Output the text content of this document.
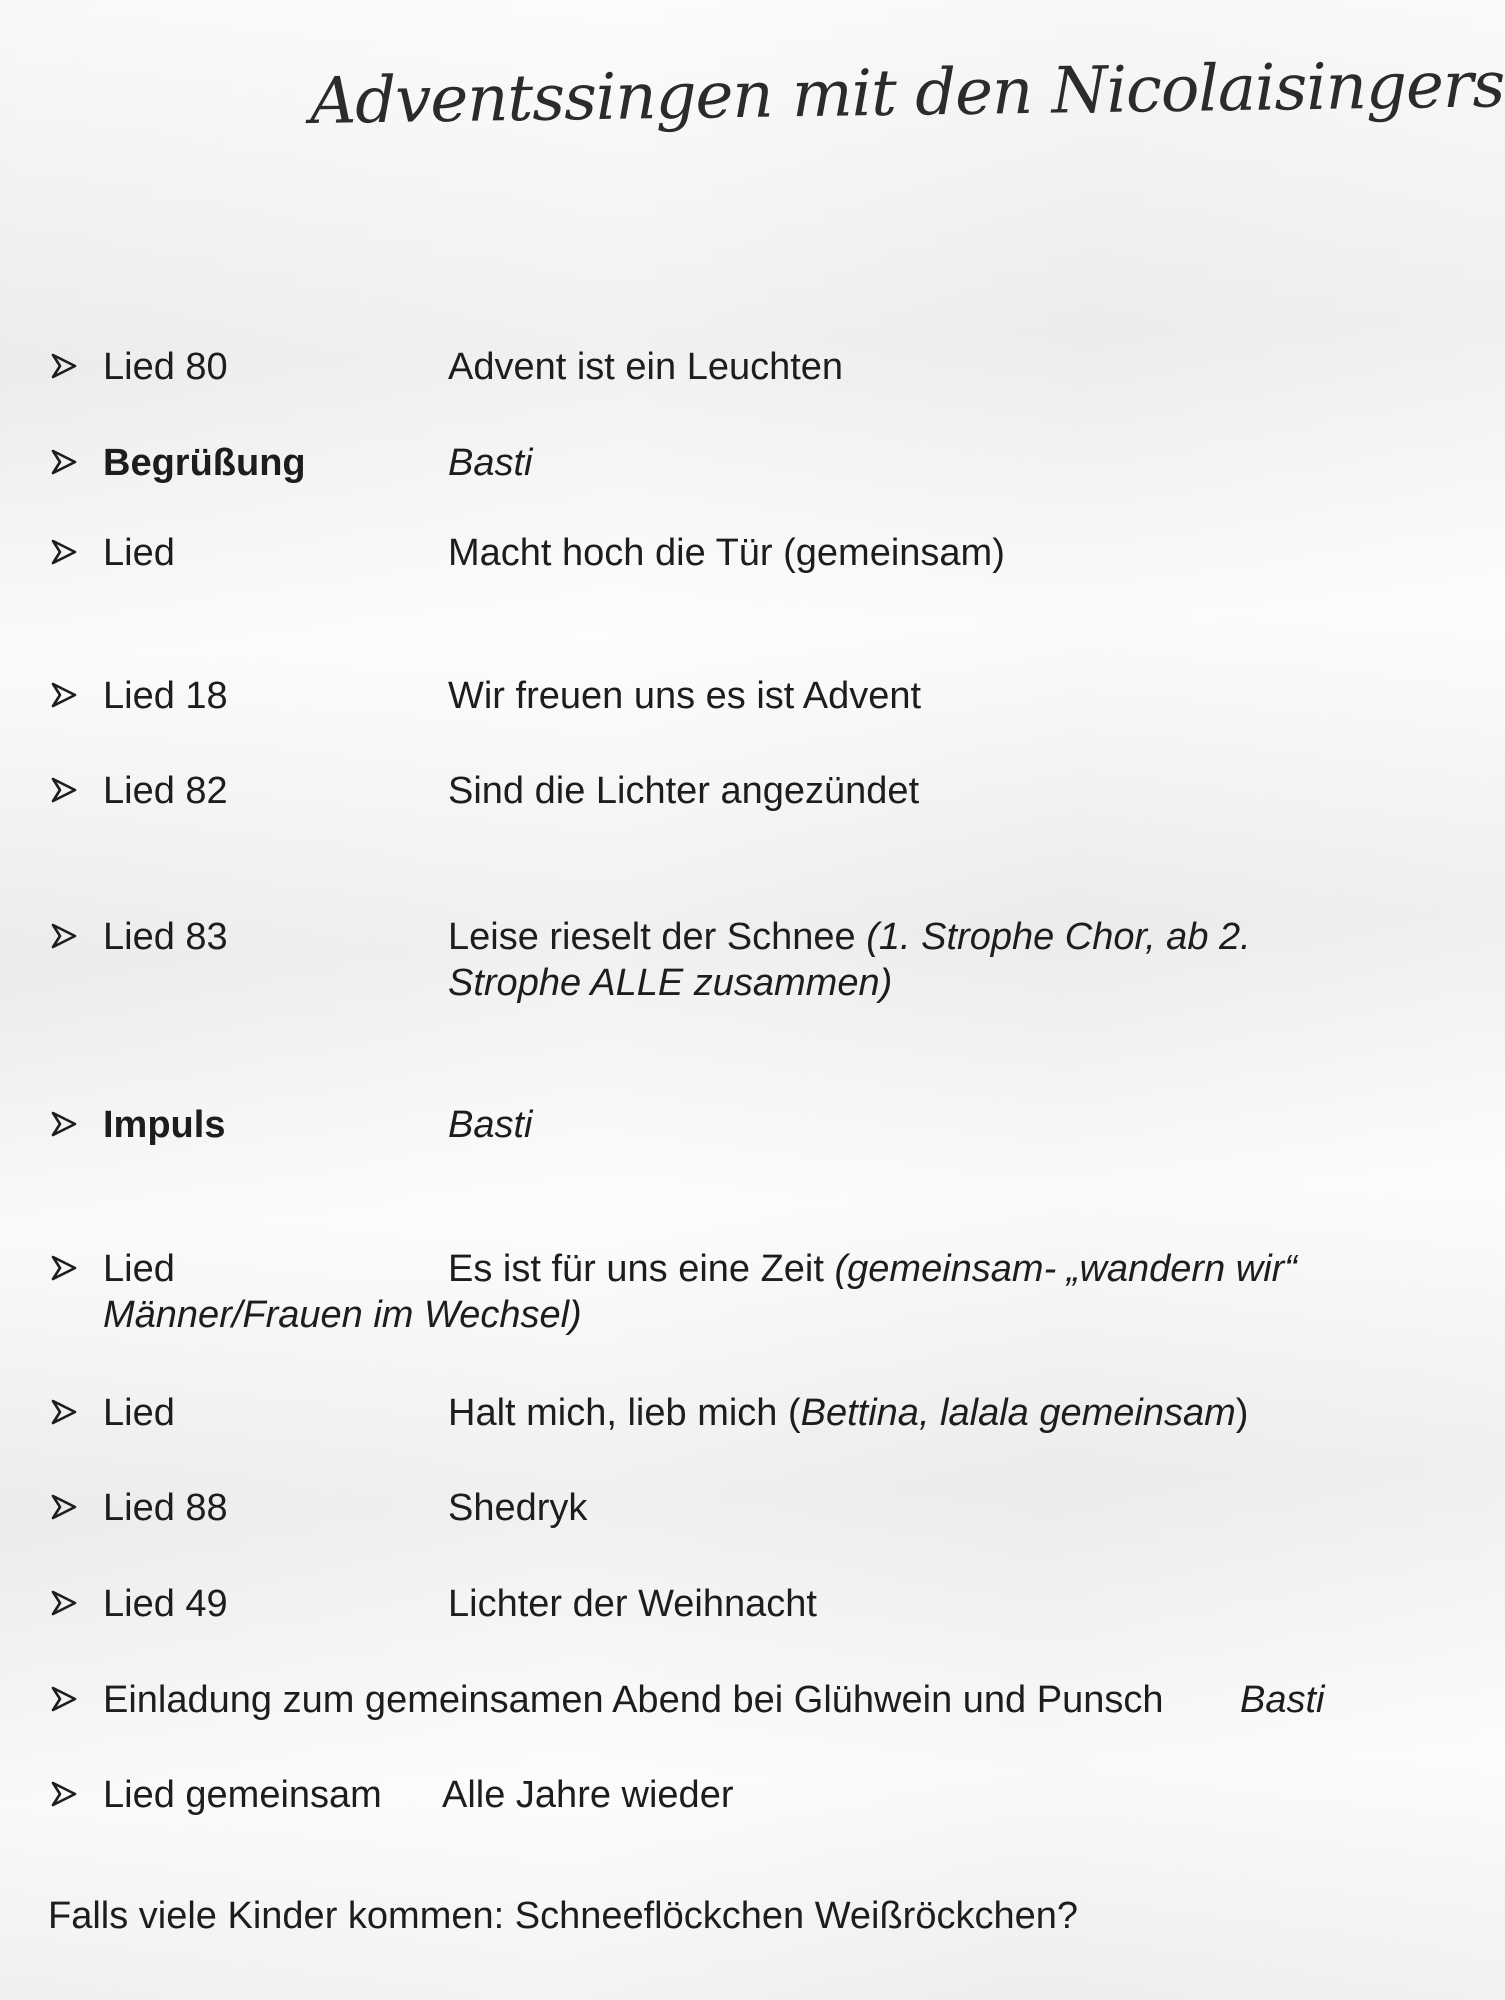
Adventssingen mit den Nicolaisingers
Lied 80	Advent ist ein Leuchten
Begrüßung	Basti
Lied	Macht hoch die Tür (gemeinsam)
Lied 18	Wir freuen uns es ist Advent
Lied 82	Sind die Lichter angezündet
Lied 83	Leise rieselt der Schnee (1. Strophe Chor, ab 2.
Strophe ALLE zusammen)
Impuls	Basti
Lied	Es ist für uns eine Zeit (gemeinsam- „wandern wir“
Männer/Frauen im Wechsel)
Lied	Halt mich, lieb mich (Bettina, lalala gemeinsam)
Lied 88	Shedryk
Lied 49	Lichter der Weihnacht
Einladung zum gemeinsamen Abend bei Glühwein und Punsch Basti
Lied gemeinsam Alle Jahre wieder
Falls viele Kinder kommen: Schneeflöckchen Weißröckchen?
